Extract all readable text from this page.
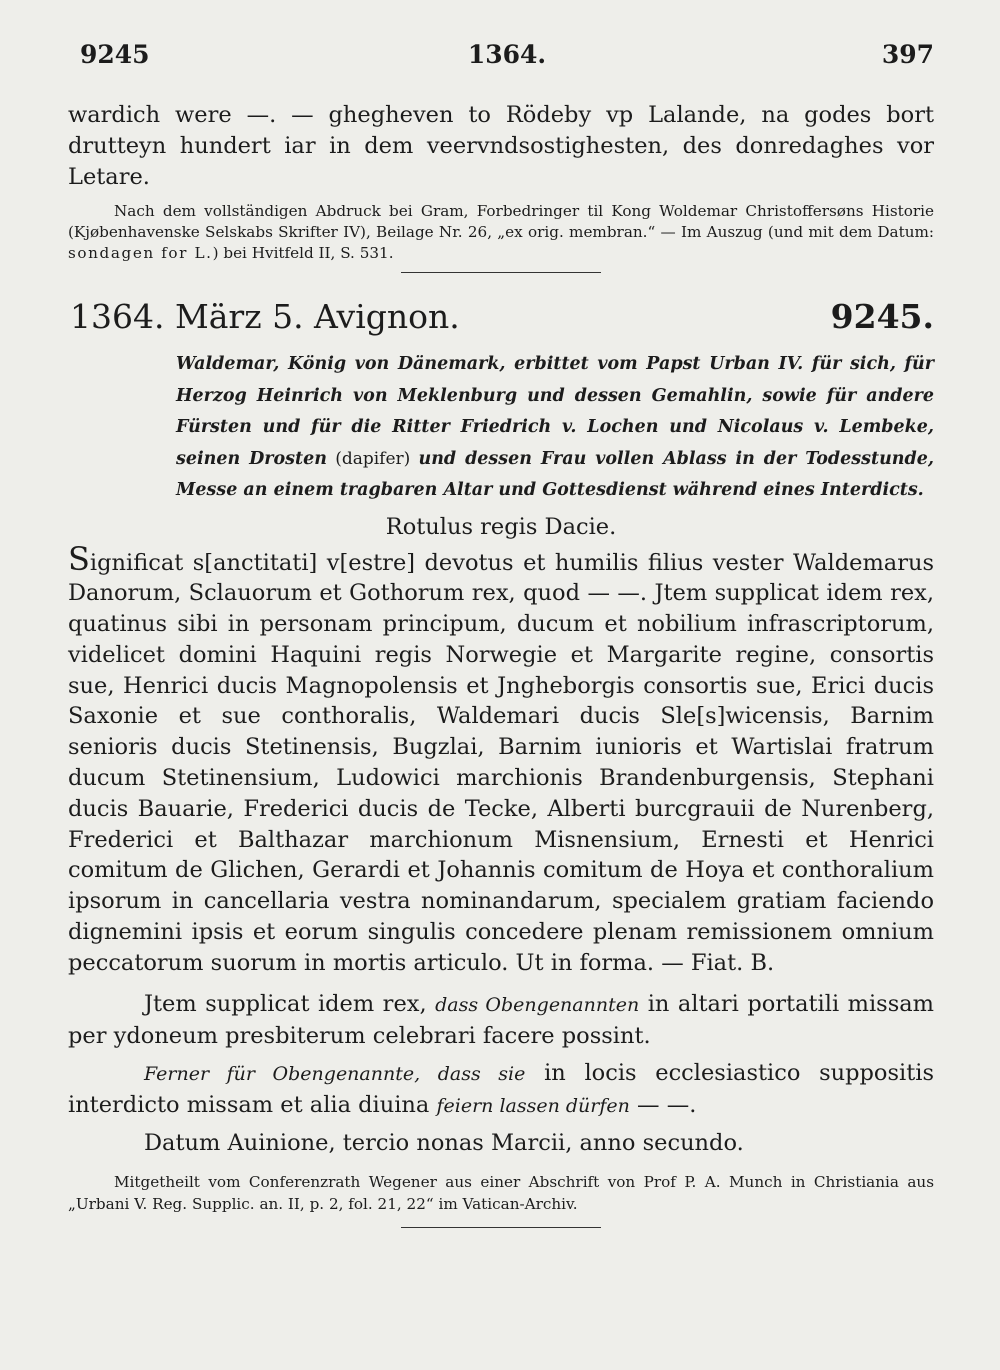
9245	1364.	397

wardich were —. — ghegheven to Rödeby vp Lalande, na godes bort drutteyn hundert iar in dem veervndsostighesten, des donredaghes vor Letare.

Nach dem vollständigen Abdruck bei Gram, Forbedringer til Kong Woldemar Christoffersøns Historie (Kjøbenhavenske Selskabs Skrifter IV), Beilage Nr. 26, „ex orig. membran.“ — Im Auszug (und mit dem Datum: sondagen for L.) bei Hvitfeld II, S. 531.

1364. März 5. Avignon.	9245.

Waldemar, König von Dänemark, erbittet vom Papst Urban IV. für sich, für Herzog Heinrich von Meklenburg und dessen Gemahlin, sowie für andere Fürsten und für die Ritter Friedrich v. Lochen und Nicolaus v. Lembeke, seinen Drosten (dapifer) und dessen Frau vollen Ablass in der Todesstunde, Messe an einem tragbaren Altar und Gottesdienst während eines Interdicts.

Rotulus regis Dacie.

Significat s[anctitati] v[estre] devotus et humilis filius vester Waldemarus Danorum, Sclauorum et Gothorum rex, quod — —. Jtem supplicat idem rex, quatinus sibi in personam principum, ducum et nobilium infrascriptorum, videlicet domini Haquini regis Norwegie et Margarite regine, consortis sue, Henrici ducis Magnopolensis et Jngheborgis consortis sue, Erici ducis Saxonie et sue conthoralis, Waldemari ducis Sle[s]wicensis, Barnim senioris ducis Stetinensis, Bugzlai, Barnim iunioris et Wartislai fratrum ducum Stetinensium, Ludowici marchionis Brandenburgensis, Stephani ducis Bauarie, Frederici ducis de Tecke, Alberti burcgrauii de Nurenberg, Frederici et Balthazar marchionum Misnensium, Ernesti et Henrici comitum de Glichen, Gerardi et Johannis comitum de Hoya et conthoralium ipsorum in cancellaria vestra nominandarum, specialem gratiam faciendo dignemini ipsis et eorum singulis concedere plenam remissionem omnium peccatorum suorum in mortis articulo. Ut in forma. — Fiat. B.

Jtem supplicat idem rex, dass Obengenannten in altari portatili missam per ydoneum presbiterum celebrari facere possint.

Ferner für Obengenannte, dass sie in locis ecclesiastico suppositis interdicto missam et alia diuina feiern lassen dürfen — —.

Datum Auinione, tercio nonas Marcii, anno secundo.

Mitgetheilt vom Conferenzrath Wegener aus einer Abschrift von Prof P. A. Munch in Christiania aus „Urbani V. Reg. Supplic. an. II, p. 2, fol. 21, 22“ im Vatican-Archiv.
